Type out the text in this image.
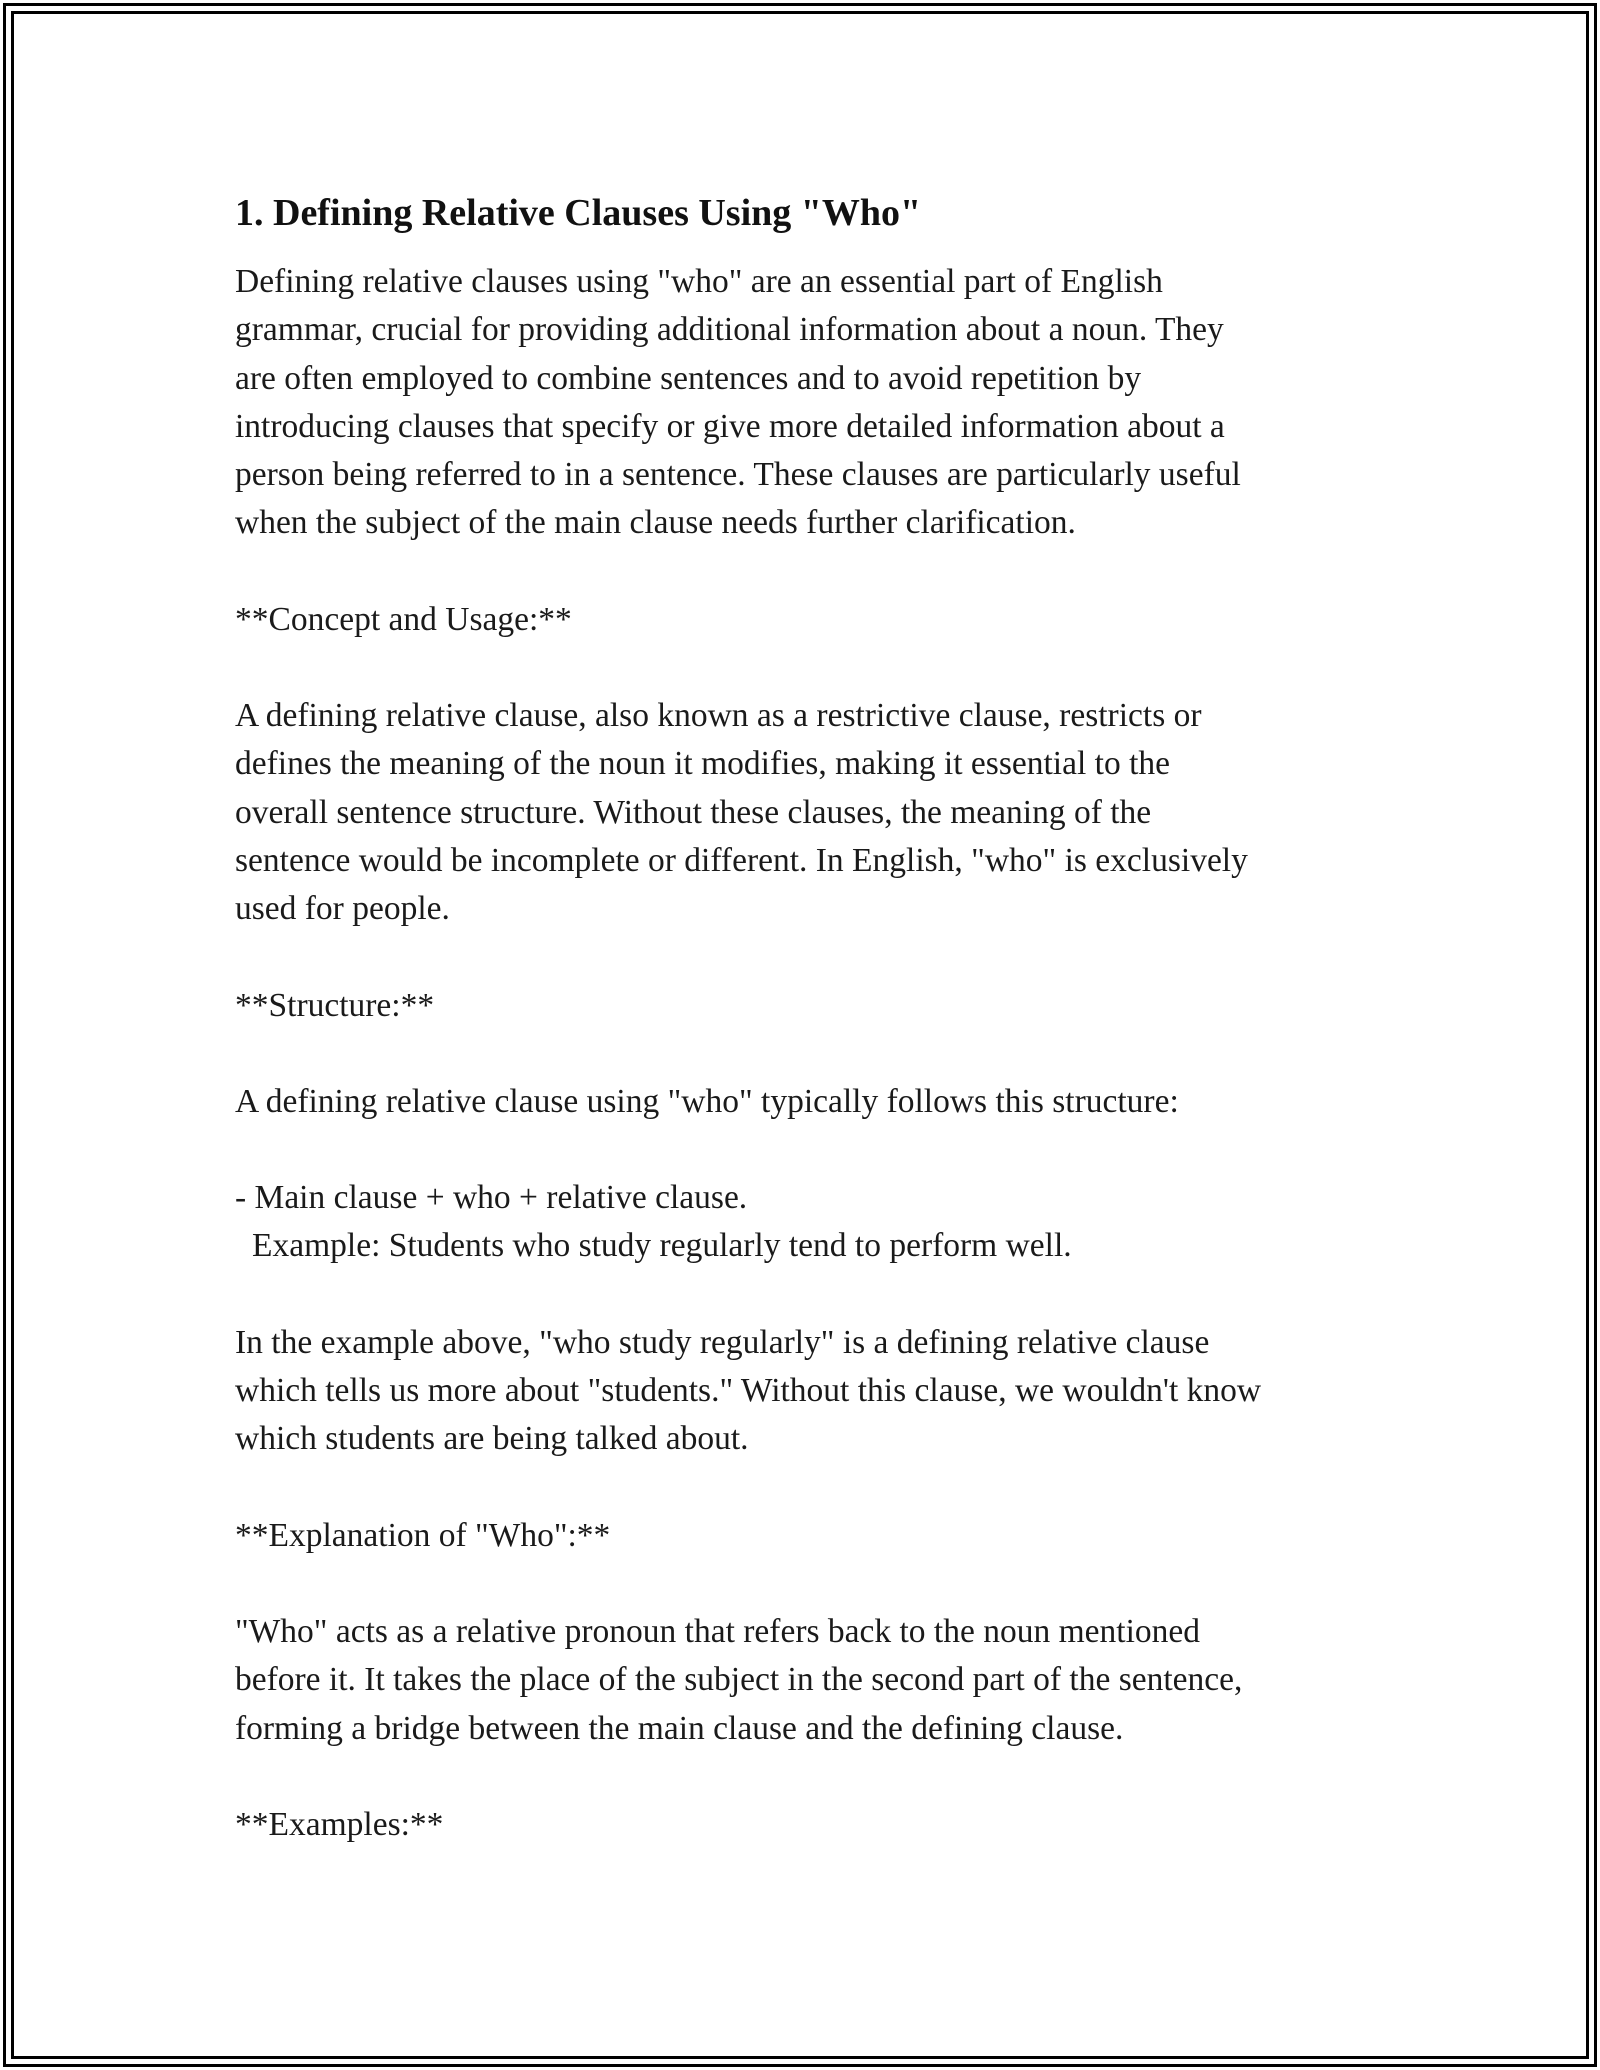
1. Defining Relative Clauses Using "Who"

Defining relative clauses using "who" are an essential part of English
grammar, crucial for providing additional information about a noun. They
are often employed to combine sentences and to avoid repetition by
introducing clauses that specify or give more detailed information about a
person being referred to in a sentence. These clauses are particularly useful
when the subject of the main clause needs further clarification.

**Concept and Usage:**

A defining relative clause, also known as a restrictive clause, restricts or
defines the meaning of the noun it modifies, making it essential to the
overall sentence structure. Without these clauses, the meaning of the
sentence would be incomplete or different. In English, "who" is exclusively
used for people.

**Structure:**

A defining relative clause using "who" typically follows this structure:

- Main clause + who + relative clause.

Example: Students who study regularly tend to perform well.

In the example above, "who study regularly" is a defining relative clause
which tells us more about "students." Without this clause, we wouldn't know
which students are being talked about.

**Explanation of "Who":**

"Who" acts as a relative pronoun that refers back to the noun mentioned
before it. It takes the place of the subject in the second part of the sentence,
forming a bridge between the main clause and the defining clause.

**Examples:**
